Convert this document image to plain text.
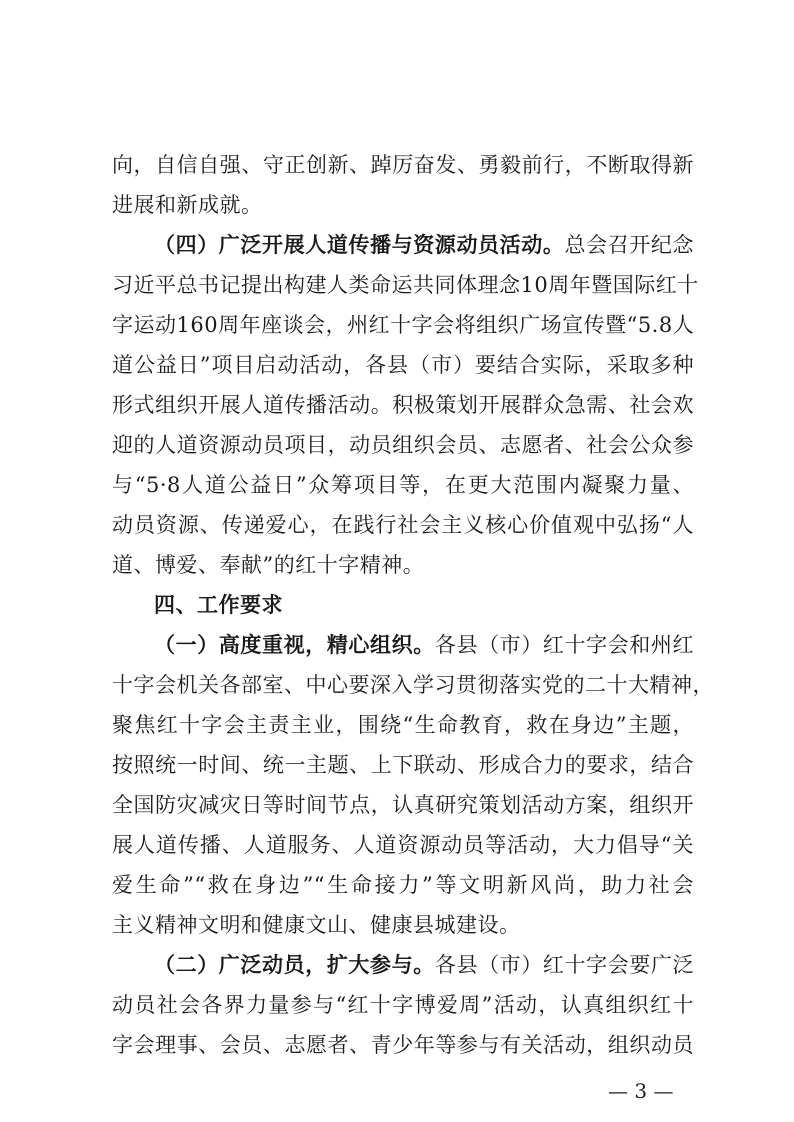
向，自信自强、守正创新、踔厉奋发、勇毅前行，不断取得新
进展和新成就。
（四）广泛开展人道传播与资源动员活动。总会召开纪念
习近平总书记提出构建人类命运共同体理念10周年暨国际红十
字运动160周年座谈会，州红十字会将组织广场宣传暨“5.8人
道公益日”项目启动活动，各县（市）要结合实际，采取多种
形式组织开展人道传播活动。积极策划开展群众急需、社会欢
迎的人道资源动员项目，动员组织会员、志愿者、社会公众参
与“5·8人道公益日”众筹项目等，在更大范围内凝聚力量、
动员资源、传递爱心，在践行社会主义核心价值观中弘扬“人
道、博爱、奉献”的红十字精神。
四、工作要求
（一）高度重视，精心组织。各县（市）红十字会和州红
十字会机关各部室、中心要深入学习贯彻落实党的二十大精神，
聚焦红十字会主责主业，围绕“生命教育，救在身边”主题，
按照统一时间、统一主题、上下联动、形成合力的要求，结合
全国防灾减灾日等时间节点，认真研究策划活动方案，组织开
展人道传播、人道服务、人道资源动员等活动，大力倡导“关
爱生命”“救在身边”“生命接力”等文明新风尚，助力社会
主义精神文明和健康文山、健康县城建设。
（二）广泛动员，扩大参与。各县（市）红十字会要广泛
动员社会各界力量参与“红十字博爱周”活动，认真组织红十
字会理事、会员、志愿者、青少年等参与有关活动，组织动员
— 3 —
